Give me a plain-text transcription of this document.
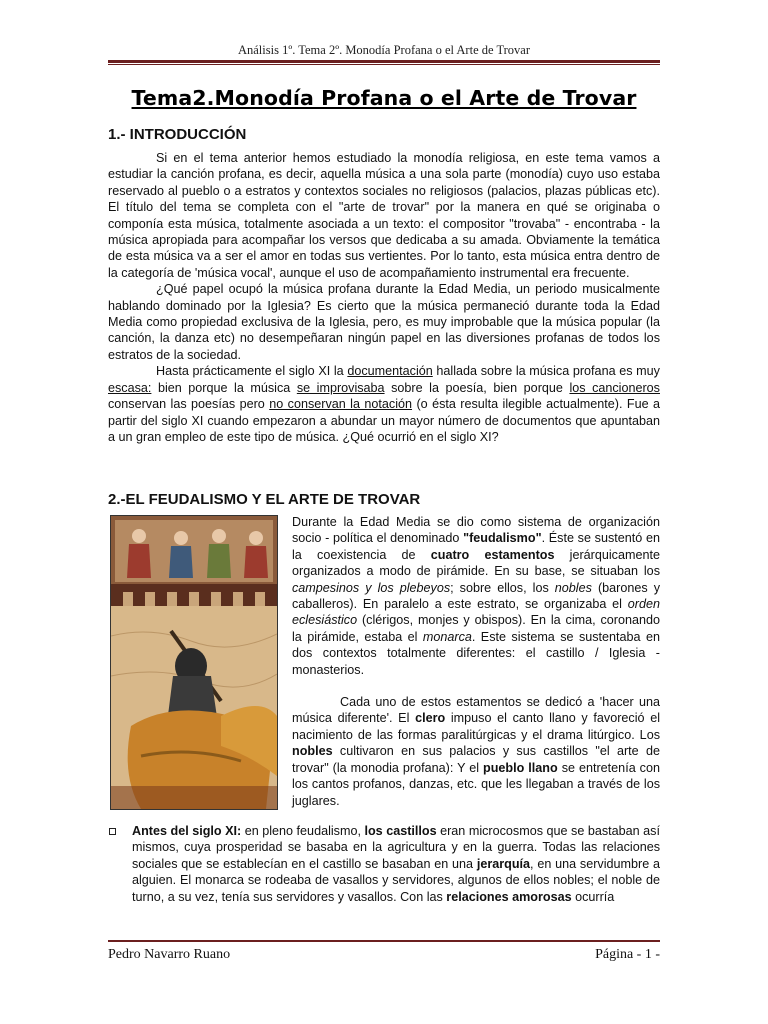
Análisis 1º. Tema 2º. Monodía Profana o el Arte de Trovar
Tema2.Monodía Profana o el Arte de Trovar
1.- INTRODUCCIÓN

Si en el tema anterior hemos estudiado la monodía religiosa, en este tema vamos a estudiar la canción profana, es decir, aquella música a una sola parte (monodía) cuyo uso estaba reservado al pueblo o a estratos y contextos sociales no religiosos (palacios, plazas públicas etc). El título del tema se completa con el "arte de trovar" por la manera en qué se originaba o componía esta música, totalmente asociada a un texto: el compositor "trovaba" - encontraba - la música apropiada para acompañar los versos que dedicaba a su amada. Obviamente la temática de esta música va a ser el amor en todas sus vertientes. Por lo tanto, esta música entra dentro de la categoría de 'música vocal', aunque el uso de acompañamiento instrumental era frecuente.

¿Qué papel ocupó la música profana durante la Edad Media, un periodo musicalmente hablando dominado por la Iglesia? Es cierto que la música permaneció durante toda la Edad Media como propiedad exclusiva de la Iglesia, pero, es muy improbable que la música popular (la canción, la danza etc) no desempeñaran ningún papel en las diversiones profanas de todos los estratos de la sociedad.

Hasta prácticamente el siglo XI la documentación hallada sobre la música profana es muy escasa: bien porque la música se improvisaba sobre la poesía, bien porque los cancioneros conservan las poesías pero no conservan la notación (o ésta resulta ilegible actualmente). Fue a partir del siglo XI cuando empezaron a abundar un mayor número de documentos que apuntaban a un gran empleo de este tipo de música. ¿Qué ocurrió en el siglo XI?

2.-EL FEUDALISMO Y EL ARTE DE TROVAR

Durante la Edad Media se dio como sistema de organización socio - política el denominado "feudalismo". Éste se sustentó en la coexistencia de cuatro estamentos jerárquicamente organizados a modo de pirámide. En su base, se situaban los campesinos y los plebeyos; sobre ellos, los nobles (barones y caballeros). En paralelo a este estrato, se organizaba el orden eclesiástico (clérigos, monjes y obispos). En la cima, coronando la pirámide, estaba el monarca. Este sistema se sustentaba en dos contextos totalmente diferentes: el castillo / Iglesia - monasterios.

Cada uno de estos estamentos se dedicó a 'hacer una música diferente'. El clero impuso el canto llano y favoreció el nacimiento de las formas paralitúrgicas y el drama litúrgico. Los nobles cultivaron en sus palacios y sus castillos "el arte de trovar" (la monodia profana): Y el pueblo llano se entretenía con los cantos profanos, danzas, etc. que les llegaban a través de los juglares.

Antes del siglo XI: en pleno feudalismo, los castillos eran microcosmos que se bastaban así mismos, cuya prosperidad se basaba en la agricultura y en la guerra. Todas las relaciones sociales que se establecían en el castillo se basaban en una jerarquía, en una servidumbre a alguien. El monarca se rodeaba de vasallos y servidores, algunos de ellos nobles; el noble de turno, a su vez, tenía sus servidores y vasallos. Con las relaciones amorosas ocurría

Pedro Navarro Ruano	Página - 1 -
